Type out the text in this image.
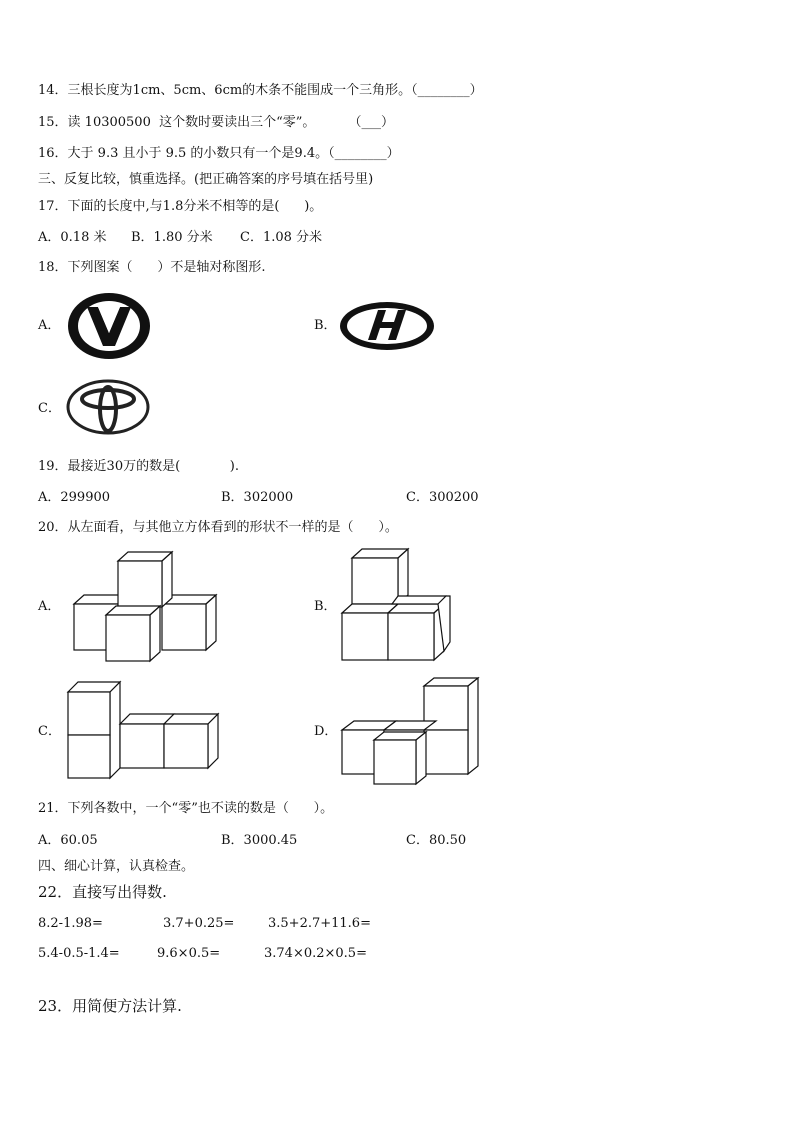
14．三根长度为1cm、5cm、6cm的木条不能围成一个三角形。（________）
15．读 10300500  这个数时要读出三个“零”。        （___）
16．大于 9.3 且小于 9.5 的小数只有一个是9.4。（________）
三、反复比较，慎重选择。(把正确答案的序号填在括号里)
17．下面的长度中,与1.8分米不相等的是(      )。
A．0.18 米 B．1.80 分米 C．1.08 分米
18．下列图案（      ）不是轴对称图形.
A．	B．
C．
19．最接近30万的数是(            ).
A．299900	B．302000	C．300200
20．从左面看，与其他立方体看到的形状不一样的是（      ）。
A．	B．
C．	D．
21．下列各数中，一个“零”也不读的数是（      ）。
A．60.05	B．3000.45	C．80.50
四、细心计算，认真检查。
22．直接写出得数.
8.2-1.98=	3.7+0.25=	3.5+2.7+11.6=
5.4-0.5-1.4=	9.6×0.5=	3.74×0.2×0.5=
23．用简便方法计算.
